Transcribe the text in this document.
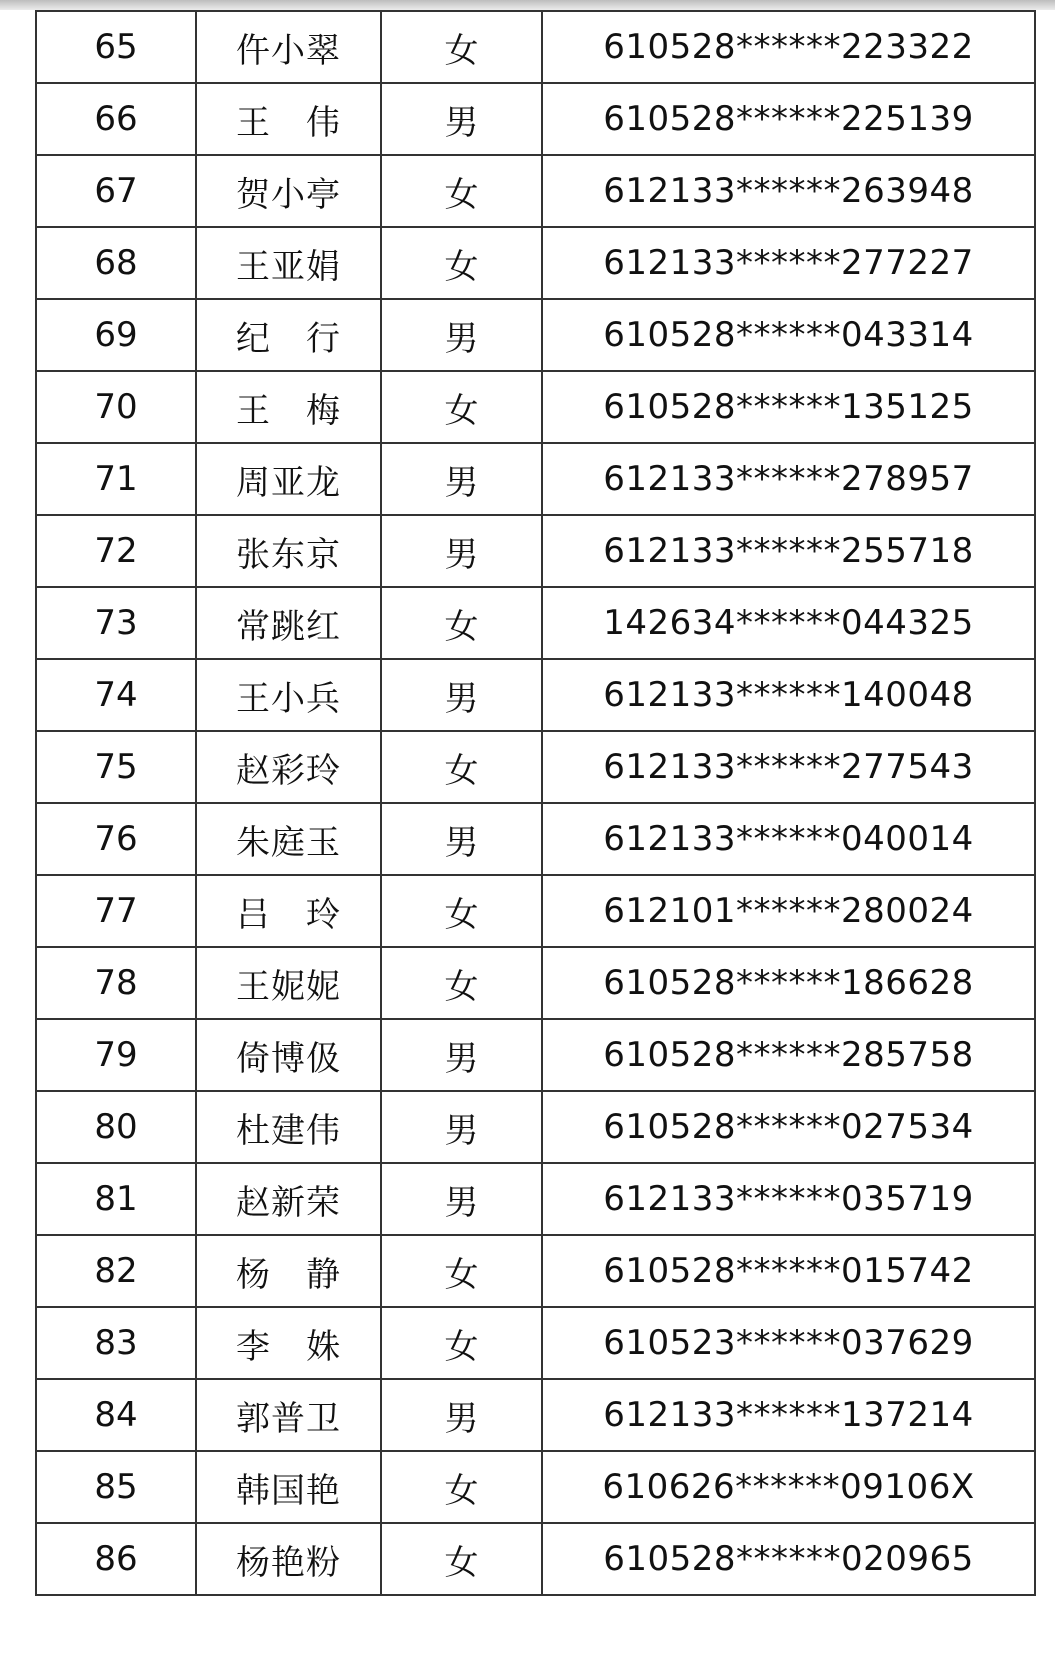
65	仵小翠	女	610528******223322
66	王　伟	男	610528******225139
67	贺小亭	女	612133******263948
68	王亚娟	女	612133******277227
69	纪　行	男	610528******043314
70	王　梅	女	610528******135125
71	周亚龙	男	612133******278957
72	张东京	男	612133******255718
73	常跳红	女	142634******044325
74	王小兵	男	612133******140048
75	赵彩玲	女	612133******277543
76	朱庭玉	男	612133******040014
77	吕　玲	女	612101******280024
78	王妮妮	女	610528******186628
79	倚博伋	男	610528******285758
80	杜建伟	男	610528******027534
81	赵新荣	男	612133******035719
82	杨　静	女	610528******015742
83	李　姝	女	610523******037629
84	郭普卫	男	612133******137214
85	韩国艳	女	610626******09106X
86	杨艳粉	女	610528******020965
